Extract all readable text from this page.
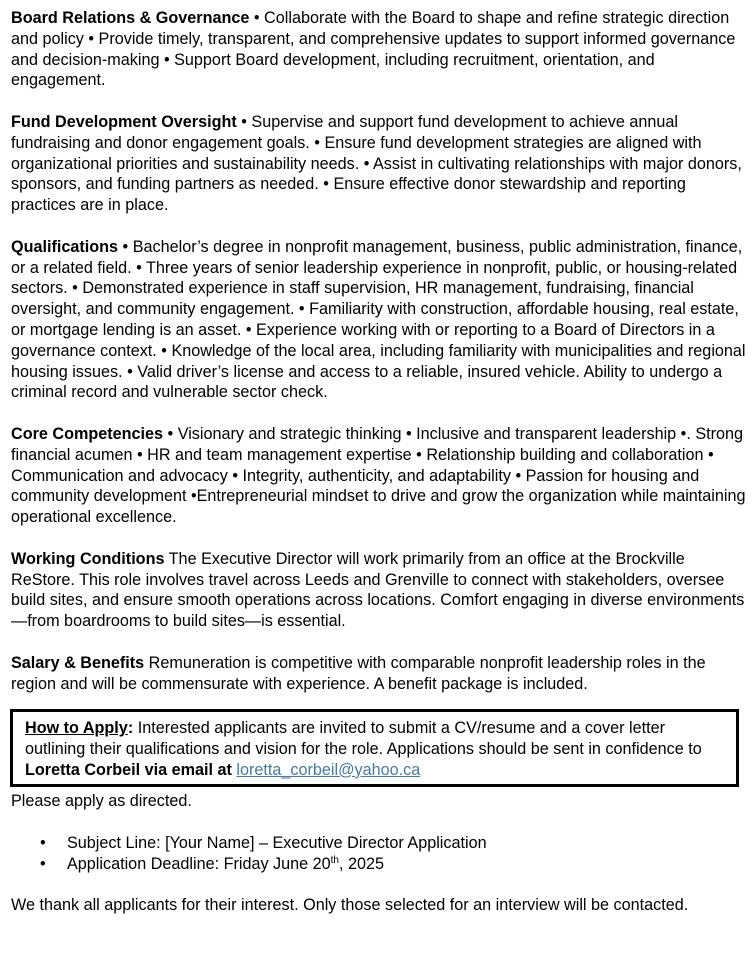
Board Relations & Governance • Collaborate with the Board to shape and refine strategic direction and policy • Provide timely, transparent, and comprehensive updates to support informed governance and decision-making • Support Board development, including recruitment, orientation, and engagement.

Fund Development Oversight • Supervise and support fund development to achieve annual fundraising and donor engagement goals. • Ensure fund development strategies are aligned with organizational priorities and sustainability needs. • Assist in cultivating relationships with major donors, sponsors, and funding partners as needed. • Ensure effective donor stewardship and reporting practices are in place.

Qualifications • Bachelor’s degree in nonprofit management, business, public administration, finance, or a related field. • Three years of senior leadership experience in nonprofit, public, or housing-related sectors. • Demonstrated experience in staff supervision, HR management, fundraising, financial oversight, and community engagement. • Familiarity with construction, affordable housing, real estate, or mortgage lending is an asset. • Experience working with or reporting to a Board of Directors in a governance context. • Knowledge of the local area, including familiarity with municipalities and regional housing issues. • Valid driver’s license and access to a reliable, insured vehicle. Ability to undergo a criminal record and vulnerable sector check.

Core Competencies • Visionary and strategic thinking • Inclusive and transparent leadership •. Strong financial acumen • HR and team management expertise • Relationship building and collaboration • Communication and advocacy • Integrity, authenticity, and adaptability • Passion for housing and community development •Entrepreneurial mindset to drive and grow the organization while maintaining operational excellence.

Working Conditions The Executive Director will work primarily from an office at the Brockville ReStore. This role involves travel across Leeds and Grenville to connect with stakeholders, oversee build sites, and ensure smooth operations across locations. Comfort engaging in diverse environments—from boardrooms to build sites—is essential.

Salary & Benefits Remuneration is competitive with comparable nonprofit leadership roles in the region and will be commensurate with experience. A benefit package is included.

How to Apply: Interested applicants are invited to submit a CV/resume and a cover letter outlining their qualifications and vision for the role. Applications should be sent in confidence to Loretta Corbeil via email at loretta_corbeil@yahoo.ca

Please apply as directed.

• Subject Line: [Your Name] – Executive Director Application
• Application Deadline: Friday June 20th, 2025

We thank all applicants for their interest. Only those selected for an interview will be contacted.
